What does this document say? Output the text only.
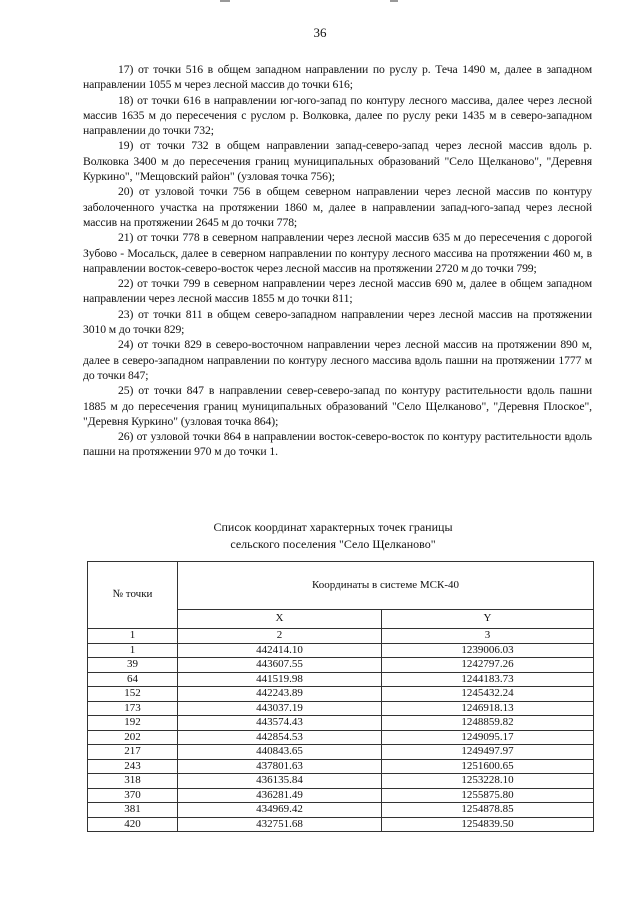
36

17) от точки 516 в общем западном направлении по руслу р. Теча 1490 м, далее в западном направлении 1055 м через лесной массив до точки 616;

18) от точки 616 в направлении юг-юго-запад по контуру лесного массива, далее через лесной массив 1635 м до пересечения с руслом р. Волковка, далее по руслу реки 1435 м в северо-западном направлении до точки 732;

19) от точки 732 в общем направлении запад-северо-запад через лесной массив вдоль р. Волковка 3400 м до пересечения границ муниципальных образований "Село Щелканово", "Деревня Куркино", "Мещовский район" (узловая точка 756);

20) от узловой точки 756 в общем северном направлении через лесной массив по контуру заболоченного участка на протяжении 1860 м, далее в направлении запад-юго-запад через лесной массив на протяжении 2645 м до точки 778;

21) от точки 778 в северном направлении через лесной массив 635 м до пересечения с дорогой Зубово - Мосальск, далее в северном направлении по контуру лесного массива на протяжении 460 м, в направлении восток-северо-восток через лесной массив на протяжении 2720 м до точки 799;

22) от точки 799 в северном направлении через лесной массив 690 м, далее в общем западном направлении через лесной массив 1855 м до точки 811;

23) от точки 811 в общем северо-западном направлении через лесной массив на протяжении 3010 м до точки 829;

24) от точки 829 в северо-восточном направлении через лесной массив на протяжении 890 м, далее в северо-западном направлении по контуру лесного массива вдоль пашни на протяжении 1777 м до точки 847;

25) от точки 847 в направлении север-северо-запад по контуру растительности вдоль пашни 1885 м до пересечения границ муниципальных образований "Село Щелканово", "Деревня Плоское", "Деревня Куркино" (узловая точка 864);

26) от узловой точки 864 в направлении восток-северо-восток по контуру растительности вдоль пашни на протяжении 970 м до точки 1.

Список координат характерных точек границы
сельского поселения "Село Щелканово"
№ точки	Координаты в системе МСК-40	
	X	Y
1	2	3
1	442414.10	1239006.03
39	443607.55	1242797.26
64	441519.98	1244183.73
152	442243.89	1245432.24
173	443037.19	1246918.13
192	443574.43	1248859.82
202	442854.53	1249095.17
217	440843.65	1249497.97
243	437801.63	1251600.65
318	436135.84	1253228.10
370	436281.49	1255875.80
381	434969.42	1254878.85
420	432751.68	1254839.50
